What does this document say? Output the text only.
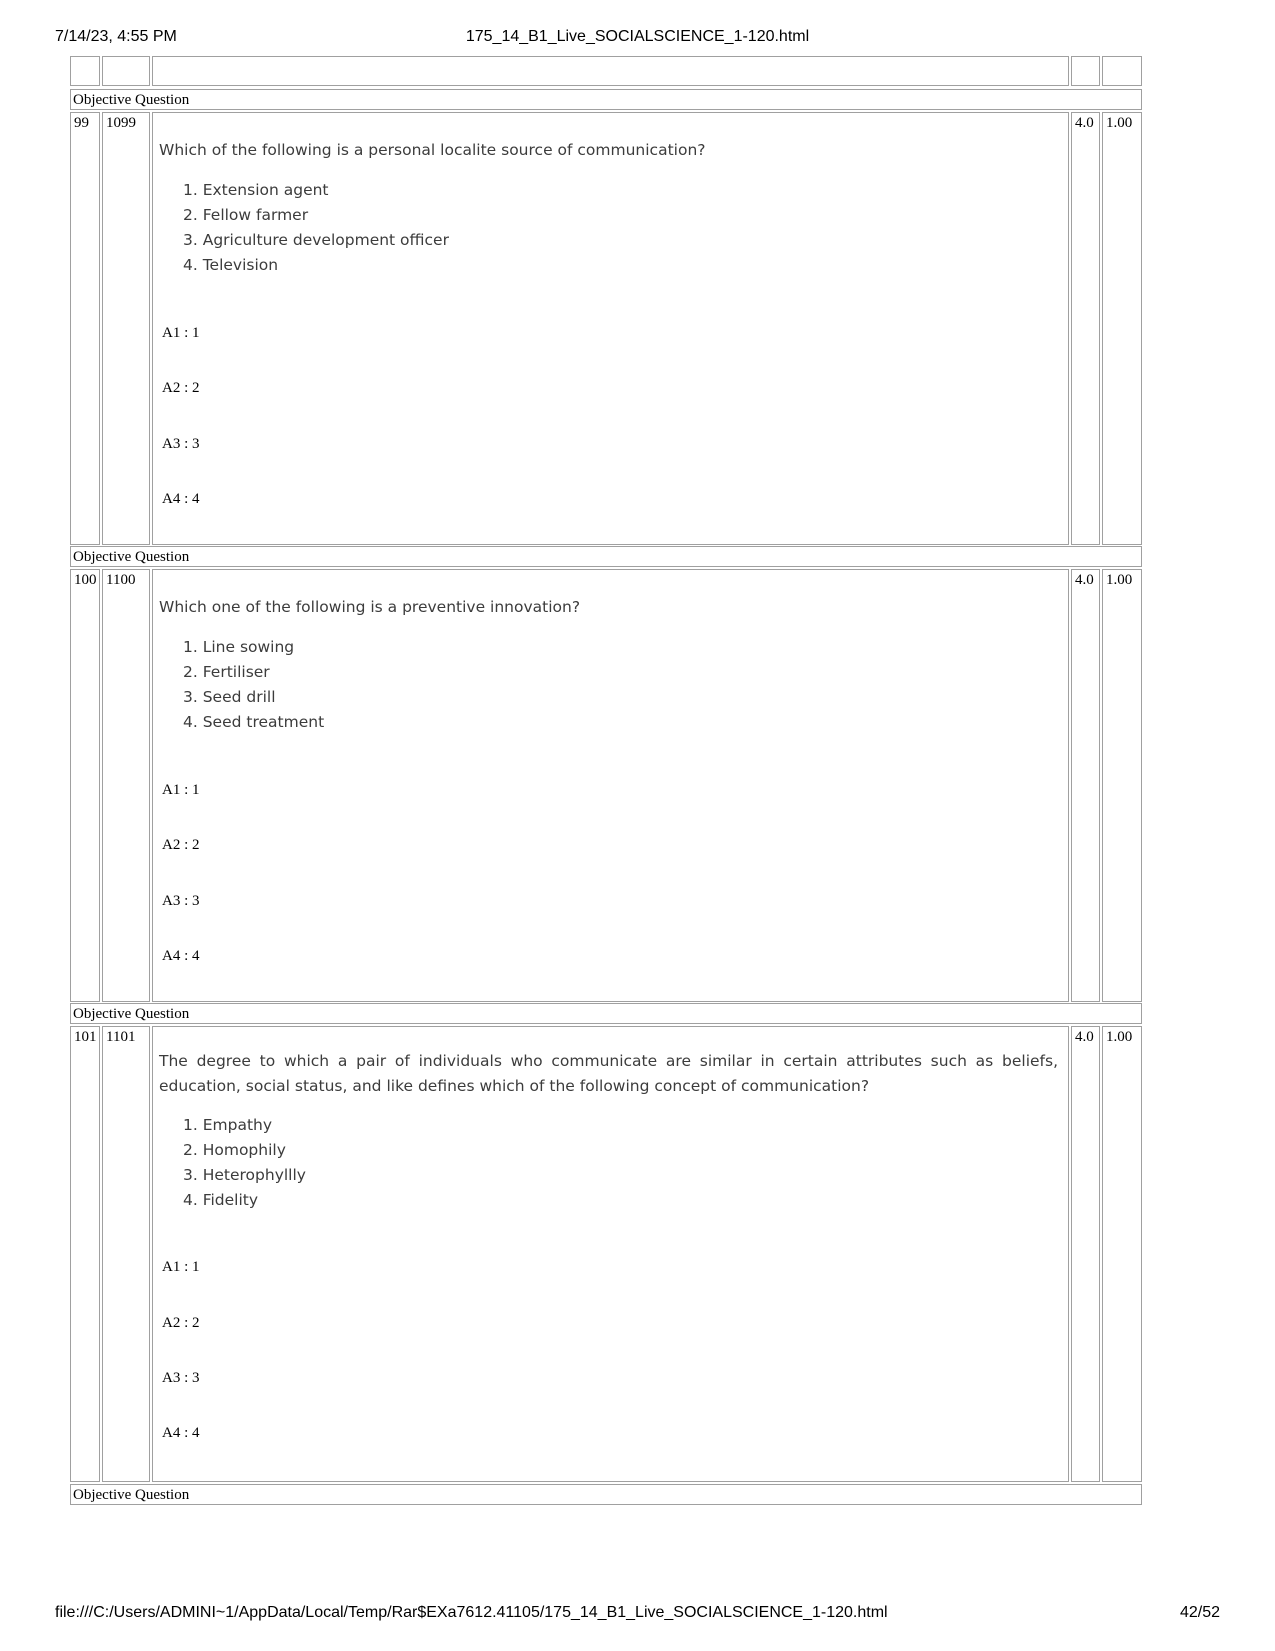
7/14/23, 4:55 PM	175_14_B1_Live_SOCIALSCIENCE_1-120.html
Objective Question
99	1099
Which of the following is a personal localite source of communication?
1. Extension agent
2. Fellow farmer
3. Agriculture development officer
4. Television
A1 : 1
A2 : 2
A3 : 3
A4 : 4
4.0 1.00
Objective Question
100 1100
Which one of the following is a preventive innovation?
1. Line sowing
2. Fertiliser
3. Seed drill
4. Seed treatment
A1 : 1
A2 : 2
A3 : 3
A4 : 4
4.0 1.00
Objective Question
101 1101
The degree to which a pair of individuals who communicate are similar in certain attributes such as beliefs, education, social status, and like defines which of the following concept of communication?
1. Empathy
2. Homophily
3. Heterophyllly
4. Fidelity
A1 : 1
A2 : 2
A3 : 3
A4 : 4
4.0 1.00
Objective Question
file:///C:/Users/ADMINI~1/AppData/Local/Temp/Rar$EXa7612.41105/175_14_B1_Live_SOCIALSCIENCE_1-120.html	42/52
